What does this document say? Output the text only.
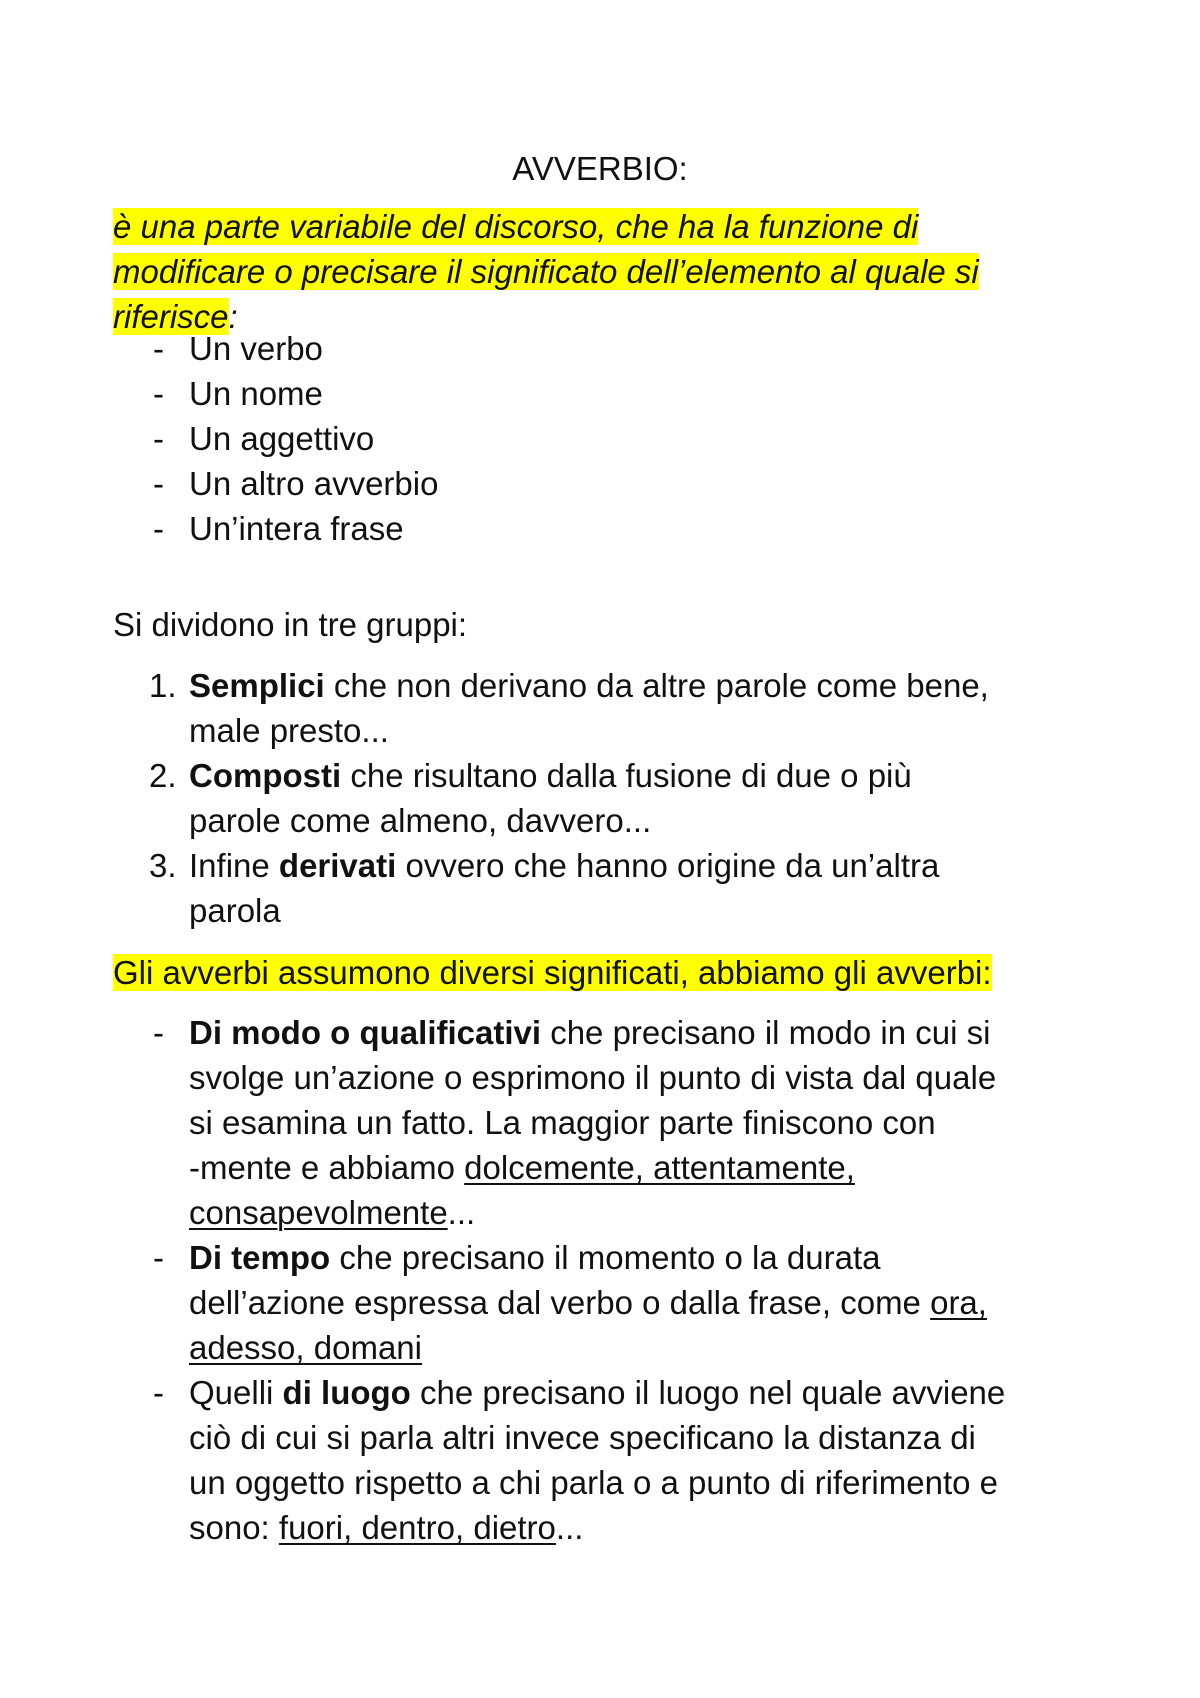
AVVERBIO:

è una parte variabile del discorso, che ha la funzione di
modificare o precisare il significato dell’elemento al quale si
riferisce:

- Un verbo
- Un nome
- Un aggettivo
- Un altro avverbio
- Un’intera frase

Si dividono in tre gruppi:

1. Semplici che non derivano da altre parole come bene,
male presto...
2. Composti che risultano dalla fusione di due o più
parole come almeno, davvero...
3. Infine derivati ovvero che hanno origine da un’altra
parola

Gli avverbi assumono diversi significati, abbiamo gli avverbi:

- Di modo o qualificativi che precisano il modo in cui si
svolge un’azione o esprimono il punto di vista dal quale
si esamina un fatto. La maggior parte finiscono con
-mente e abbiamo dolcemente, attentamente,
consapevolmente...
- Di tempo che precisano il momento o la durata
dell’azione espressa dal verbo o dalla frase, come ora,
adesso, domani
- Quelli di luogo che precisano il luogo nel quale avviene
ciò di cui si parla altri invece specificano la distanza di
un oggetto rispetto a chi parla o a punto di riferimento e
sono: fuori, dentro, dietro...
